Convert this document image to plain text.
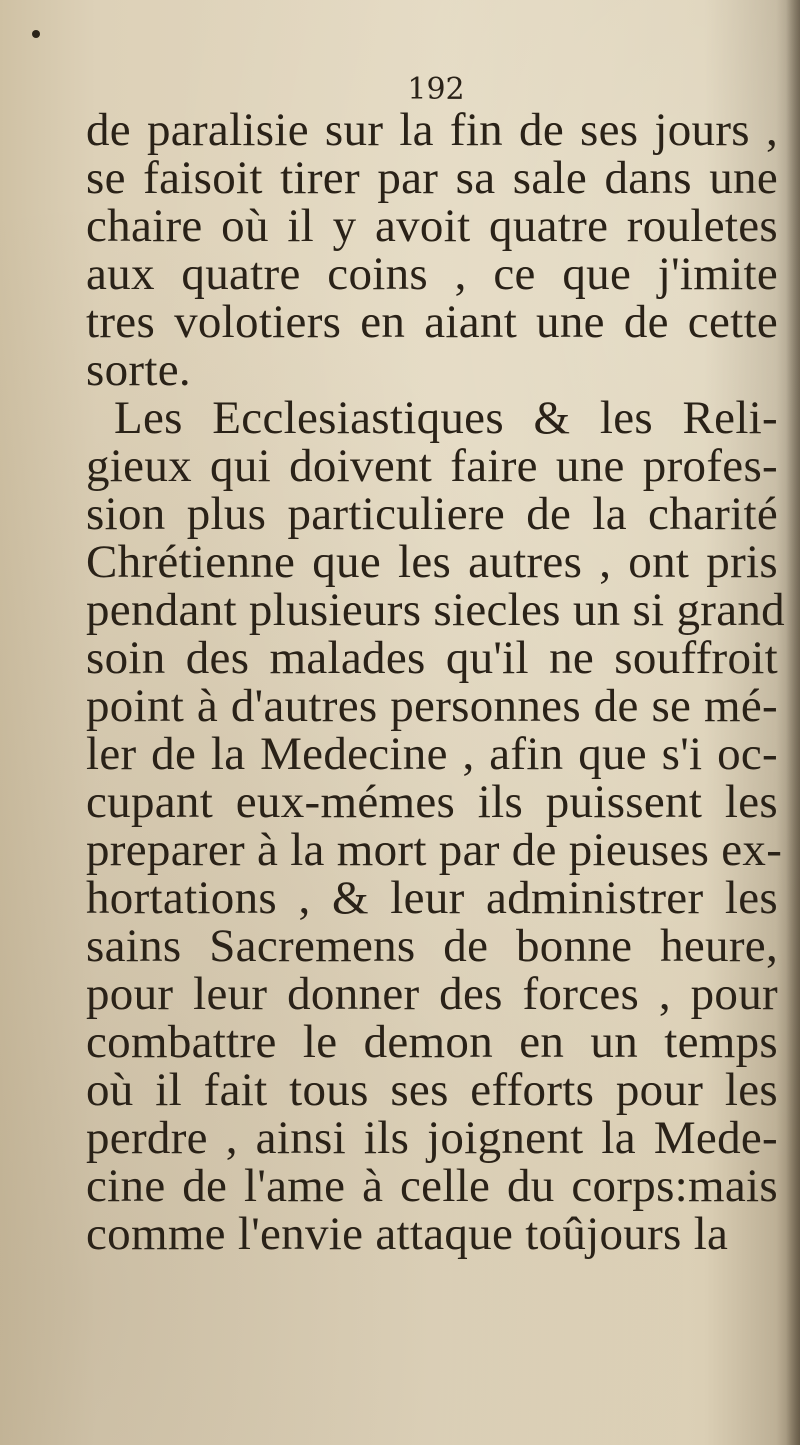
192
de paralisie sur la fin de ses jours ,
se faisoit tirer par sa sale dans une
chaire où il y avoit quatre rouletes
aux quatre coins , ce que j'imite
tres volotiers en aiant une de cette
sorte.
Les Ecclesiastiques & les Reli-
gieux qui doivent faire une profes-
sion plus particuliere de la charité
Chrétienne que les autres , ont pris
pendant plusieurs siecles un si grand
soin des malades qu'il ne souffroit
point à d'autres personnes de se mé-
ler de la Medecine , afin que s'i oc-
cupant eux-mémes ils puissent les
preparer à la mort par de pieuses ex-
hortations , & leur administrer les
sains Sacremens de bonne heure,
pour leur donner des forces , pour
combattre le demon en un temps
où il fait tous ses efforts pour les
perdre , ainsi ils joignent la Mede-
cine de l'ame à celle du corps:mais
comme l'envie attaque toûjours la
